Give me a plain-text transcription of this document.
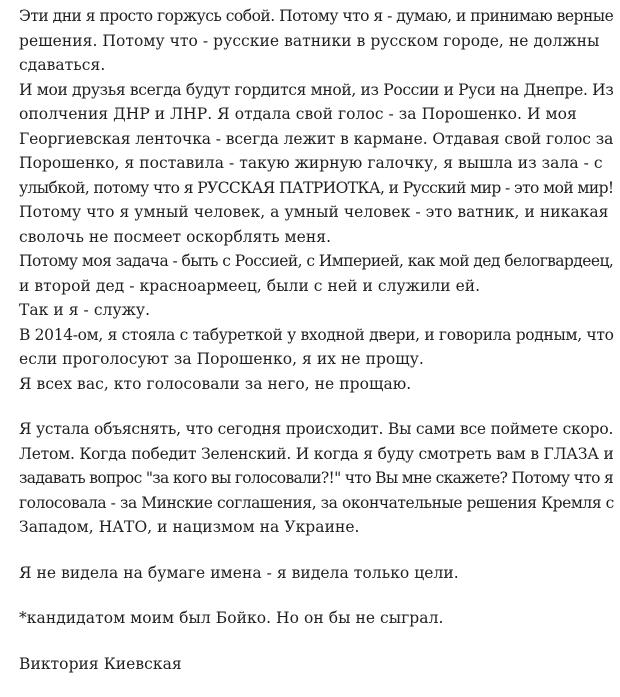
Эти дни я просто горжусь собой. Потому что я - думаю, и принимаю верные
решения. Потому что - русские ватники в русском городе, не должны
сдаваться.
И мои друзья всегда будут гордится мной, из России и Руси на Днепре. Из
ополчения ДНР и ЛНР. Я отдала свой голос - за Порошенко. И моя
Георгиевская ленточка - всегда лежит в кармане. Отдавая свой голос за
Порошенко, я поставила - такую жирную галочку, я вышла из зала - с
улыбкой, потому что я РУССКАЯ ПАТРИОТКА, и Русский мир - это мой мир!
Потому что я умный человек, а умный человек - это ватник, и никакая
сволочь не посмеет оскорблять меня.
Потому моя задача - быть с Россией, с Империей, как мой дед белогвардеец,
и второй дед - красноармеец, были с ней и служили ей.
Так и я - служу.
В 2014-ом, я стояла с табуреткой у входной двери, и говорила родным, что
если проголосуют за Порошенко, я их не прощу.
Я всех вас, кто голосовали за него, не прощаю.

Я устала объяснять, что сегодня происходит. Вы сами все поймете скоро.
Летом. Когда победит Зеленский. И когда я буду смотреть вам в ГЛАЗА и
задавать вопрос "за кого вы голосовали?!" что Вы мне скажете? Потому что я
голосовала - за Минские соглашения, за окончательные решения Кремля с
Западом, НАТО, и нацизмом на Украине.

Я не видела на бумаге имена - я видела только цели.

*кандидатом моим был Бойко. Но он бы не сыграл.

Виктория Киевская
